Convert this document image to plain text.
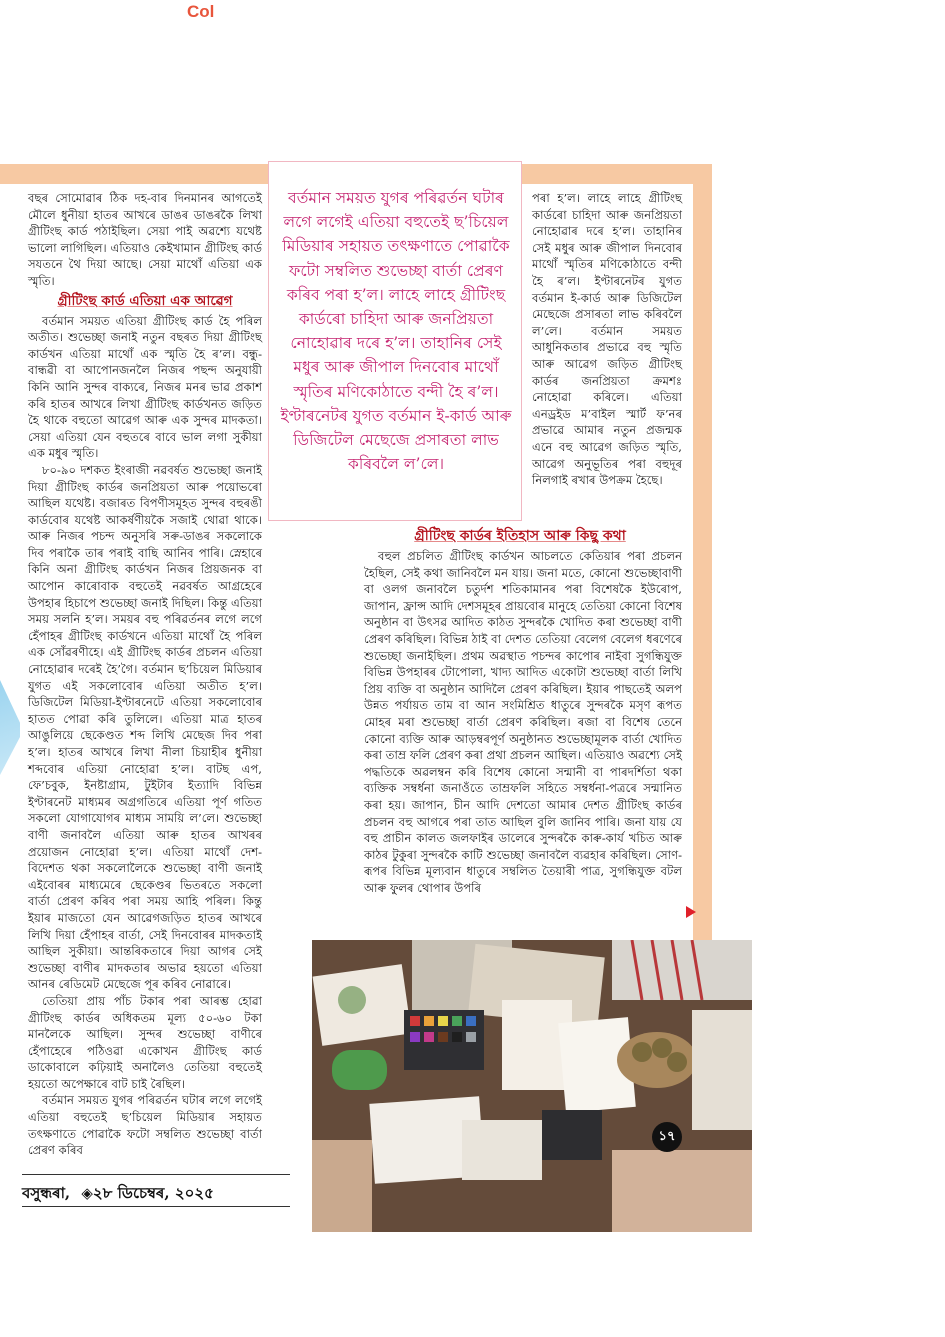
Col

বছৰ সোমোৱাৰ ঠিক দহ-বাৰ দিনমানৰ আগতেই মৌলে ধুনীয়া হাতৰ আখৰে ডাঙৰ ডাঙৰকৈ লিখা গ্ৰীটিংছ কাৰ্ড পঠাইছিল। সেয়া পাই অৱশ্যে যথেষ্ট ভালো লাগিছিল। এতিয়াও কেইখামান গ্ৰীটিংছ কাৰ্ড সযতনে থৈ দিয়া আছে। সেয়া মাথোঁ এতিয়া এক স্মৃতি।

গ্ৰীটিংছ কাৰ্ড এতিয়া এক আৱেগ

বৰ্তমান সময়ত এতিয়া গ্ৰীটিংছ কাৰ্ড হৈ পৰিল অতীত। শুভেচ্ছা জনাই নতুন বছৰত দিয়া গ্ৰীটিংছ কাৰ্ডখন এতিয়া মাথোঁ এক স্মৃতি হৈ ৰ’ল। বন্ধু-বান্ধৱী বা আপোনজনলৈ নিজৰ পছন্দ অনুযায়ী কিনি আনি সুন্দৰ বাক্যৰে, নিজৰ মনৰ ভাৱ প্ৰকাশ কৰি হাতৰ আখৰে লিখা গ্ৰীটিংছ কাৰ্ডখনত জড়িত হৈ থাকে বহুতো আৱেগ আৰু এক সুন্দৰ মাদকতা। সেয়া এতিয়া যেন বহুতৰে বাবে ভাল লগা সুকীয়া এক মধুৰ স্মৃতি।

৮০-৯০ দশকত ইংৰাজী নৱবৰ্ষত শুভেচ্ছা জনাই দিয়া গ্ৰীটিংছ কাৰ্ডৰ জনপ্ৰিয়তা আৰু পয়োভৰো আছিল যথেষ্ট। বজাৰত বিপণীসমূহত সুন্দৰ বহুৰঙী কাৰ্ডবোৰ যথেষ্ট আকৰ্ষণীয়কৈ সজাই থোৱা থাকে। আৰু নিজৰ পচন্দ অনুসৰি সৰু-ডাঙৰ সকলোকে দিব পৰাকৈ তাৰ পৰাই বাছি আনিব পাৰি। স্নেহাৰে কিনি অনা গ্ৰীটিংছ কাৰ্ডখন নিজৰ প্ৰিয়জনক বা আপোন কাৰোবাক বহুতেই নৱবৰ্ষত আগ্ৰহেৰে উপহাৰ হিচাপে শুভেচ্ছা জনাই দিছিল। কিন্তু এতিয়া সময় সলনি হ’ল। সময়ৰ বহু পৰিৱৰ্তনৰ লগে লগে হেঁপাহৰ গ্ৰীটিংছ কাৰ্ডখনে এতিয়া মাথোঁ হৈ পৰিল এক সোঁৱৰণীহে। এই গ্ৰীটিংছ কাৰ্ডৰ প্ৰচলন এতিয়া নোহোৱাৰ দৰেই হৈ’গৈ। বৰ্তমান ছ’চিয়েল মিডিয়াৰ যুগত এই সকলোবোৰ এতিয়া অতীত হ’ল। ডিজিটেল মিডিয়া-ইণ্টাৰনেটে এতিয়া সকলোবোৰ হাতত পোৱা কৰি তুলিলে। এতিয়া মাত্ৰ হাতৰ আঙুলিয়ে ছেকেণ্ডত শব্দ লিখি মেছেজ দিব পৰা হ’ল। হাতৰ আখৰে লিখা নীলা চিয়াহীৰ ধুনীয়া শব্দবোৰ এতিয়া নোহোৱা হ’ল। বাটছ এপ, ফে’চবুক, ইনষ্টাগ্ৰাম, টুইটাৰ ইত্যাদি বিভিন্ন ইণ্টাৰনেট মাধ্যমৰ অগ্ৰগতিৰে এতিয়া পূৰ্ণ গতিত সকলো যোগাযোগৰ মাধ্যম সাময়ি ল’লে। শুভেচ্ছা বাণী জনাবলৈ এতিয়া আৰু হাতৰ আখৰৰ প্ৰয়োজন নোহোৱা হ’ল। এতিয়া মাথোঁ দেশ-বিদেশত থকা সকলোলৈকে শুভেচ্ছা বাণী জনাই এইবোৰৰ মাধ্যমেৰে ছেকেণ্ডৰ ভিতৰতে সকলো বাৰ্তা প্ৰেৰণ কৰিব পৰা সময় আহি পৰিল। কিন্তু ইয়াৰ মাজতো যেন আৱেগজড়িত হাতৰ আখৰে লিখি দিয়া হেঁপাহৰ বাৰ্তা, সেই দিনবোৰৰ মাদকতাই আছিল সুকীয়া। আন্তৰিকতাৰে দিয়া আগৰ সেই শুভেচ্ছা বাণীৰ মাদকতাৰ অভাৱ হয়তো এতিয়া আনৰ ৰেডিমেট মেছেজে পূৰ কৰিব নোৱাৰে।

তেতিয়া প্ৰায় পাঁচ টকাৰ পৰা আৰম্ভ হোৱা গ্ৰীটিংছ কাৰ্ডৰ অধিকতম মূল্য ৫০-৬০ টকা মানলৈকে আছিল। সুন্দৰ শুভেচ্ছা বাণীৰে হেঁপাহেৰে পঠিওৱা একোখন গ্ৰীটিংছ কাৰ্ড ডাকোবালে কঢ়িয়াই অনালৈও তেতিয়া বহুতেই হয়তো অপেক্ষাৰে বাট চাই ৰৈছিল।

বৰ্তমান সময়ত যুগৰ পৰিৱৰ্তন ঘটাৰ লগে লগেই এতিয়া বহুতেই ছ’চিয়েল মিডিয়াৰ সহায়ত তৎক্ষণাতে পোৱাকৈ ফটো সম্বলিত শুভেচ্ছা বাৰ্তা প্ৰেৰণ কৰিব

বৰ্তমান সময়ত যুগৰ পৰিৱৰ্তন ঘটাৰ লগে লগেই এতিয়া বহুতেই ছ’চিয়েল মিডিয়াৰ সহায়ত তৎক্ষণাতে পোৱাকৈ ফটো সম্বলিত শুভেচ্ছা বাৰ্তা প্ৰেৰণ কৰিব পৰা হ’ল। লাহে লাহে গ্ৰীটিংছ কাৰ্ডৰো চাহিদা আৰু জনপ্ৰিয়তা নোহোৱাৰ দৰে হ’ল। তাহানিৰ সেই মধুৰ আৰু জীপাল দিনবোৰ মাথোঁ স্মৃতিৰ মণিকোঠাতে বন্দী হৈ ৰ’ল। ইণ্টাৰনেটৰ যুগত বৰ্তমান ই-কাৰ্ড আৰু ডিজিটেল মেছেজে প্ৰসাৰতা লাভ কৰিবলৈ ল’লে।

পৰা হ’ল। লাহে লাহে গ্ৰীটিংছ কাৰ্ডৰো চাহিদা আৰু জনপ্ৰিয়তা নোহোৱাৰ দৰে হ’ল। তাহানিৰ সেই মধুৰ আৰু জীপাল দিনবোৰ মাথোঁ স্মৃতিৰ মণিকোঠাতে বন্দী হৈ ৰ’ল। ইণ্টাৰনেটৰ যুগত বৰ্তমান ই-কাৰ্ড আৰু ডিজিটেল মেছেজে প্ৰসাৰতা লাভ কৰিবলৈ ল’লে। বৰ্তমান সময়ত আধুনিকতাৰ প্ৰভাৱে বহু স্মৃতি আৰু আৱেগ জড়িত গ্ৰীটিংছ কাৰ্ডৰ জনপ্ৰিয়তা ক্ৰমশঃ নোহোৱা কৰিলে। এতিয়া এনড্ৰইড ম’বাইল স্মাৰ্ট ফ’নৰ প্ৰভাৱে আমাৰ নতুন প্ৰজন্মক এনে বহু আৱেগ জড়িত স্মৃতি, আৱেগ অনুভূতিৰ পৰা বহুদূৰ নিলগাই ৰখাৰ উপক্ৰম হৈছে।

গ্ৰীটিংছ কাৰ্ডৰ ইতিহাস আৰু কিছু কথা

বহুল প্ৰচলিত গ্ৰীটিংছ কাৰ্ডখন আচলতে কেতিয়াৰ পৰা প্ৰচলন হৈছিল, সেই কথা জানিবলৈ মন যায়। জনা মতে, কোনো শুভেচ্ছাবাণী বা ওলগ জনাবলৈ চতুৰ্দশ শতিকামানৰ পৰা বিশেষকৈ ইউৰোপ, জাপান, ফ্ৰান্স আদি দেশসমূহৰ প্ৰায়বোৰ মানুহে তেতিয়া কোনো বিশেষ অনুষ্ঠান বা উৎসৱ আদিত কাঠত সুন্দৰকৈ খোদিত কৰা শুভেচ্ছা বাণী প্ৰেৰণ কৰিছিল। বিভিন্ন ঠাই বা দেশত তেতিয়া বেলেগ বেলেগ ধৰণেৰে শুভেচ্ছা জনাইছিল। প্ৰথম অৱস্থাত পচন্দৰ কাপোৰ নাইবা সুগন্ধিযুক্ত বিভিন্ন উপহাৰৰ টোপোলা, খাদ্য আদিত একোটা শুভেচ্ছা বাৰ্তা লিখি প্ৰিয় ব্যক্তি বা অনুষ্ঠান আদিলৈ প্ৰেৰণ কৰিছিল। ইয়াৰ পাছতেই অলপ উন্নত পৰ্যায়ত তাম বা আন সংমিশ্ৰিত ধাতুৰে সুন্দৰকৈ মসৃণ ৰূপত মোহৰ মৰা শুভেচ্ছা বাৰ্তা প্ৰেৰণ কৰিছিল। ৰজা বা বিশেষ তেনে কোনো ব্যক্তি আৰু আড়ম্বৰপূৰ্ণ অনুষ্ঠানত শুভেচ্ছামূলক বাৰ্তা খোদিত কৰা তাম্ৰ ফলি প্ৰেৰণ কৰা প্ৰথা প্ৰচলন আছিল। এতিয়াও অৱশ্যে সেই পদ্ধতিকে অৱলম্বন কৰি বিশেষ কোনো সন্মানী বা পাৰদৰ্শিতা থকা ব্যক্তিক সম্বৰ্ধনা জনাওঁতে তাম্ৰফলি সহিতে সম্বৰ্ধনা-পত্ৰৰে সন্মানিত কৰা হয়। জাপান, চীন আদি দেশতো আমাৰ দেশত গ্ৰীটিংছ কাৰ্ডৰ প্ৰচলন বহু আগৰে পৰা তাত আছিল বুলি জানিব পাৰি। জনা যায় যে বহু প্ৰাচীন কালত জলফাইৰ ডালেৰে সুন্দৰকৈ কাৰু-কাৰ্য খচিত আৰু কাঠৰ টুকুৰা সুন্দৰকৈ কাটি শুভেচ্ছা জনাবলৈ ব্যৱহাৰ কৰিছিল। সোণ-ৰূপৰ বিভিন্ন মূল্যবান ধাতুৰে সম্বলিত তৈয়াৰী পাত্ৰ, সুগন্ধিযুক্ত বটল আৰু ফুলৰ থোপাৰ উপৰি

১৭
বসুন্ধৰা, ◈২৮ ডিচেম্বৰ, ২০২৫
